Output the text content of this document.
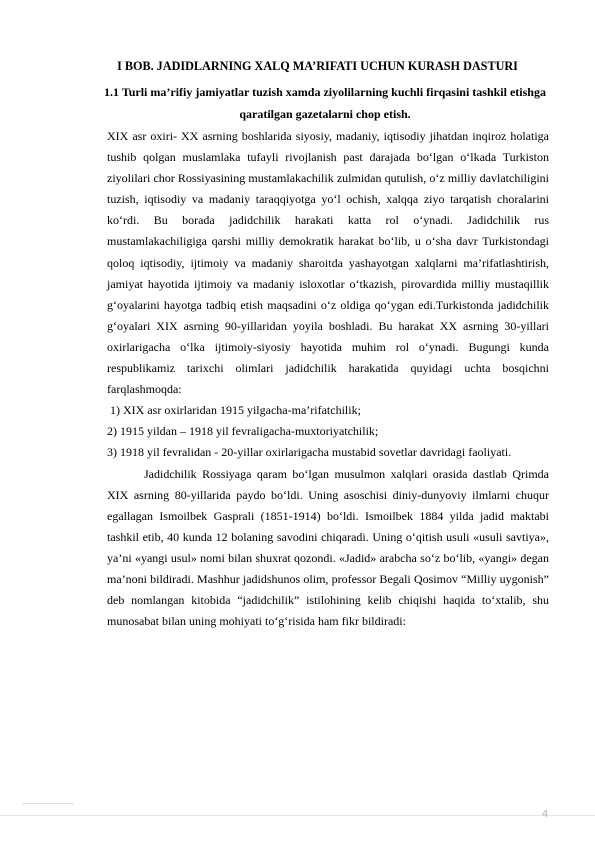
I BOB. JADIDLARNING XALQ MA’RIFATI UCHUN KURASH DASTURI
1.1 Turli ma’rifiy jamiyatlar tuzish xamda ziyolilarning kuchli firqasini tashkil etishga qaratilgan gazetalarni chop etish.

XIX asr oxiri- XX asrning boshlarida siyosiy, madaniy, iqtisodiy jihatdan inqiroz holatiga tushib qolgan muslamlaka tufayli rivojlanish past darajada bo‘lgan o‘lkada Turkiston ziyolilari chor Rossiyasining mustamlakachilik zulmidan qutulish, o‘z milliy davlatchiligini tuzish, iqtisodiy va madaniy taraqqiyotga yo‘l ochish, xalqqa ziyo tarqatish choralarini ko‘rdi. Bu borada jadidchilik harakati katta rol o‘ynadi. Jadidchilik rus mustamlakachiligiga qarshi milliy demokratik harakat bo‘lib, u o‘sha davr Turkistondagi qoloq iqtisodiy, ijtimoiy va madaniy sharoitda yashayotgan xalqlarni ma’rifatlashtirish, jamiyat hayotida ijtimoiy va madaniy isloxotlar o‘tkazish, pirovardida milliy mustaqillik g‘oyalarini hayotga tadbiq etish maqsadini o‘z oldiga qo‘ygan edi.Turkistonda jadidchilik g‘oyalari XIX asrning 90-yillaridan yoyila boshladi. Bu harakat XX asrning 30-yillari oxirlarigacha o‘lka ijtimoiy-siyosiy hayotida muhim rol o‘ynadi. Bugungi kunda respublikamiz tarixchi olimlari jadidchilik harakatida quyidagi uchta bosqichni farqlashmoqda:

1) XIX asr oxirlaridan 1915 yilgacha-ma’rifatchilik;

2) 1915 yildan – 1918 yil fevraligacha-muxtoriyatchilik;

3) 1918 yil fevralidan - 20-yillar oxirlarigacha mustabid sovetlar davridagi faoliyati.

Jadidchilik Rossiyaga qaram bo‘lgan musulmon xalqlari orasida dastlab Qrimda XIX asrning 80-yillarida paydo bo‘ldi. Uning asoschisi diniy-dunyoviy ilmlarni chuqur egallagan Ismoilbek Gasprali (1851-1914) bo‘ldi. Ismoilbek 1884 yilda jadid maktabi tashkil etib, 40 kunda 12 bolaning savodini chiqaradi. Uning o‘qitish usuli «usuli savtiya», ya’ni «yangi usul» nomi bilan shuxrat qozondi. «Jadid» arabcha so‘z bo‘lib, «yangi» degan ma’noni bildiradi. Mashhur jadidshunos olim, professor Begali Qosimov “Milliy uygonish” deb nomlangan kitobida “jadidchilik” istilohining kelib chiqishi haqida to‘xtalib, shu munosabat bilan uning mohiyati to‘g‘risida ham fikr bildiradi:

4
